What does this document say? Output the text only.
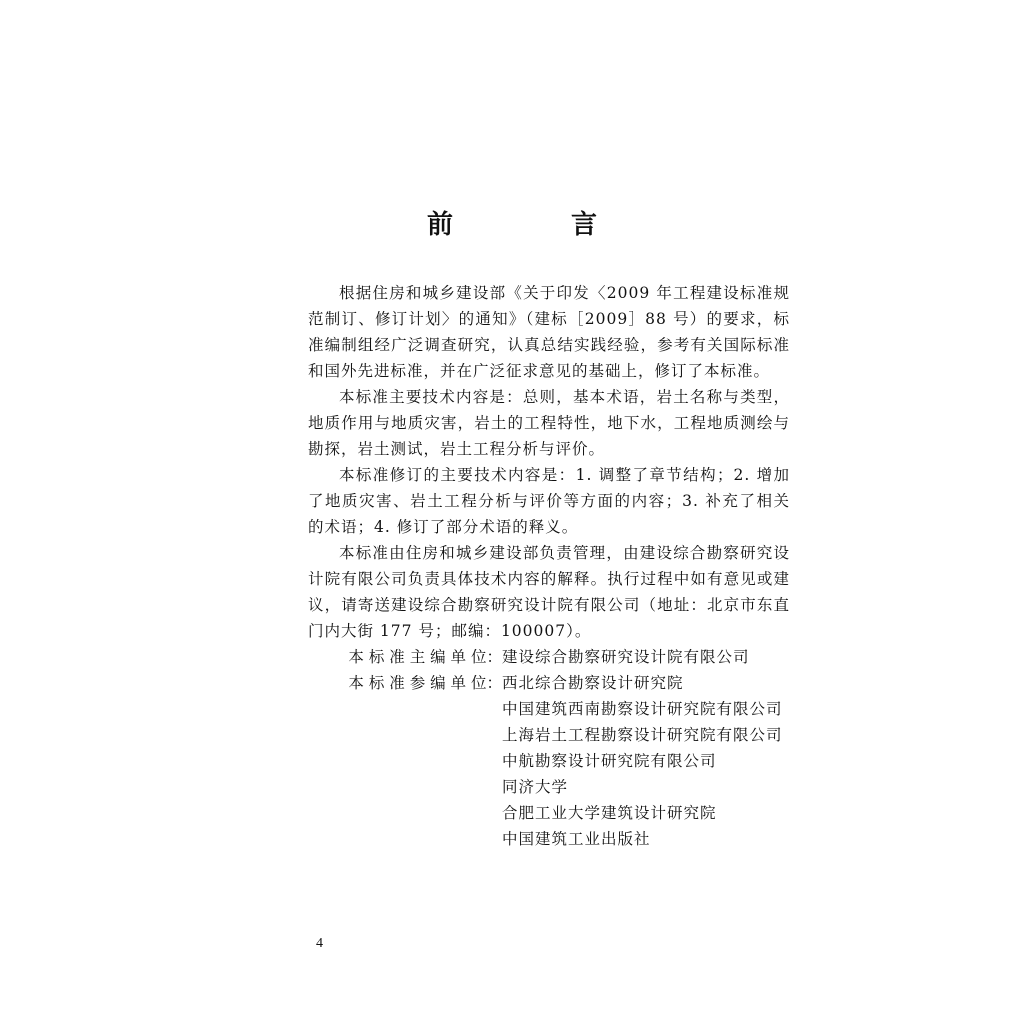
前　言

根据住房和城乡建设部《关于印发〈2009 年工程建设标准规范制订、修订计划〉的通知》（建标［2009］88 号）的要求，标准编制组经广泛调查研究，认真总结实践经验，参考有关国际标准和国外先进标准，并在广泛征求意见的基础上，修订了本标准。

本标准主要技术内容是：总则，基本术语，岩土名称与类型，地质作用与地质灾害，岩土的工程特性，地下水，工程地质测绘与勘探，岩土测试，岩土工程分析与评价。

本标准修订的主要技术内容是：1. 调整了章节结构；2. 增加了地质灾害、岩土工程分析与评价等方面的内容；3. 补充了相关的术语；4. 修订了部分术语的释义。

本标准由住房和城乡建设部负责管理，由建设综合勘察研究设计院有限公司负责具体技术内容的解释。执行过程中如有意见或建议，请寄送建设综合勘察研究设计院有限公司（地址：北京市东直门内大街 177 号；邮编：100007）。

本 标 准 主 编 单 位： 建设综合勘察研究设计院有限公司
本 标 准 参 编 单 位： 西北综合勘察设计研究院

中国建筑西南勘察设计研究院有限公司

上海岩土工程勘察设计研究院有限公司

中航勘察设计研究院有限公司

同济大学

合肥工业大学建筑设计研究院

中国建筑工业出版社

4
